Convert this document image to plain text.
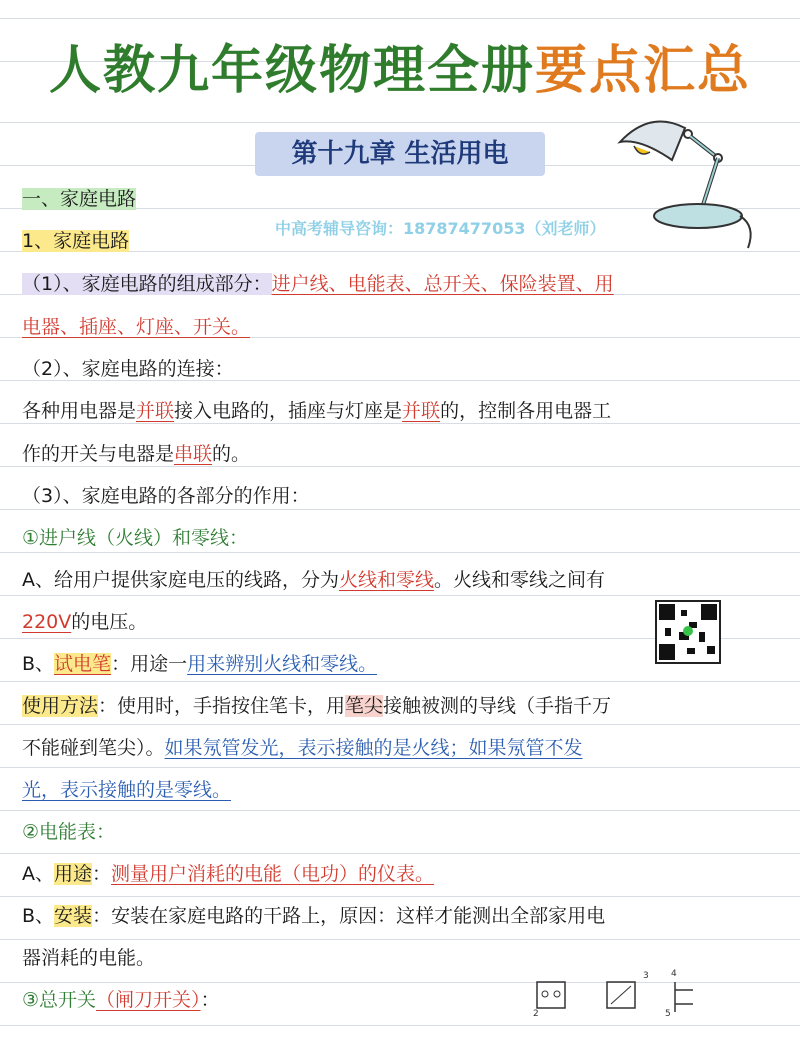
人教九年级物理全册要点汇总
第十九章 生活用电
中高考辅导咨询：18787477053（刘老师）
一、家庭电路
1、家庭电路
（1）、家庭电路的组成部分：进户线、电能表、总开关、保险装置、用
电器、插座、灯座、开关。
（2）、家庭电路的连接：
各种用电器是并联接入电路的，插座与灯座是并联的，控制各用电器工
作的开关与电器是串联的。
（3）、家庭电路的各部分的作用：
①进户线（火线）和零线：
A、给用户提供家庭电压的线路，分为火线和零线。火线和零线之间有
220V的电压。
B、试电笔：用途一用来辨别火线和零线。
使用方法：使用时，手指按住笔卡，用笔尖接触被测的导线（手指千万
不能碰到笔尖）。如果氖管发光，表示接触的是火线；如果氖管不发
光，表示接触的是零线。
②电能表：
A、用途：测量用户消耗的电能（电功）的仪表。
B、安装：安装在家庭电路的干路上，原因：这样才能测出全部家用电
器消耗的电能。
③总开关（闸刀开关）：
2
3 4
5
